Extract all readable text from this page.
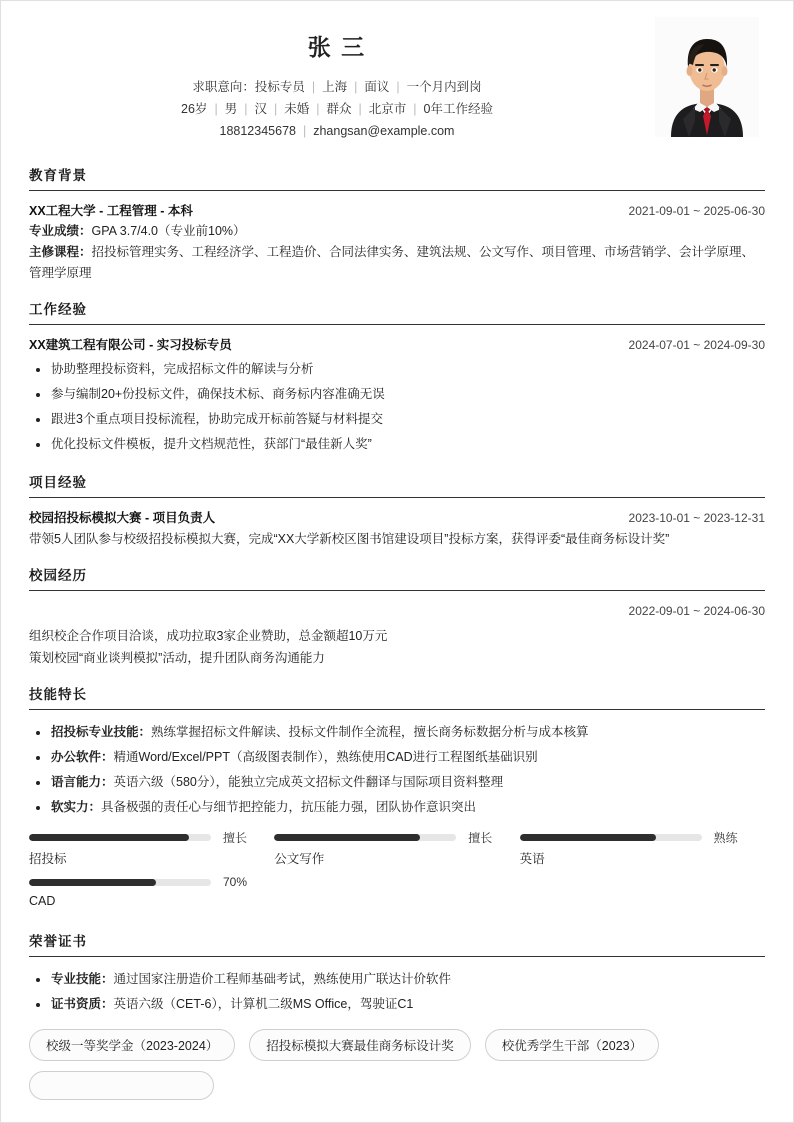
张 三
求职意向：投标专员 | 上海 | 面议 | 一个月内到岗
26岁 | 男 | 汉 | 未婚 | 群众 | 北京市 | 0年工作经验
18812345678 | zhangsan@example.com
教育背景
XX工程大学 - 工程管理 - 本科	2021-09-01 ~ 2025-06-30
专业成绩：GPA 3.7/4.0（专业前10%）
主修课程：招投标管理实务、工程经济学、工程造价、合同法律实务、建筑法规、公文写作、项目管理、市场营销学、会计学原理、管理学原理
工作经验
XX建筑工程有限公司 - 实习投标专员	2024-07-01 ~ 2024-09-30
协助整理投标资料，完成招标文件的解读与分析
参与编制20+份投标文件，确保技术标、商务标内容准确无误
跟进3个重点项目投标流程，协助完成开标前答疑与材料提交
优化投标文件模板，提升文档规范性，获部门“最佳新人奖”
项目经验
校园招投标模拟大赛 - 项目负责人	2023-10-01 ~ 2023-12-31
带领5人团队参与校级招投标模拟大赛，完成“XX大学新校区图书馆建设项目”投标方案，获得评委“最佳商务标设计奖”
校园经历
2022-09-01 ~ 2024-06-30
组织校企合作项目洽谈，成功拉取3家企业赞助，总金额超10万元
策划校园“商业谈判模拟”活动，提升团队商务沟通能力
技能特长
招投标专业技能：熟练掌握招标文件解读、投标文件制作全流程，擅长商务标数据分析与成本核算
办公软件：精通Word/Excel/PPT（高级图表制作），熟练使用CAD进行工程图纸基础识别
语言能力：英语六级（580分），能独立完成英文招标文件翻译与国际项目资料整理
软实力：具备极强的责任心与细节把控能力，抗压能力强，团队协作意识突出
擅长
招投标
擅长
公文写作
熟练
英语
70%
CAD
荣誉证书
专业技能：通过国家注册造价工程师基础考试，熟练使用广联达计价软件
证书资质：英语六级（CET-6），计算机二级MS Office，驾驶证C1
校级一等奖学金（2023-2024）	招投标模拟大赛最佳商务标设计奖	校优秀学生干部（2023）
